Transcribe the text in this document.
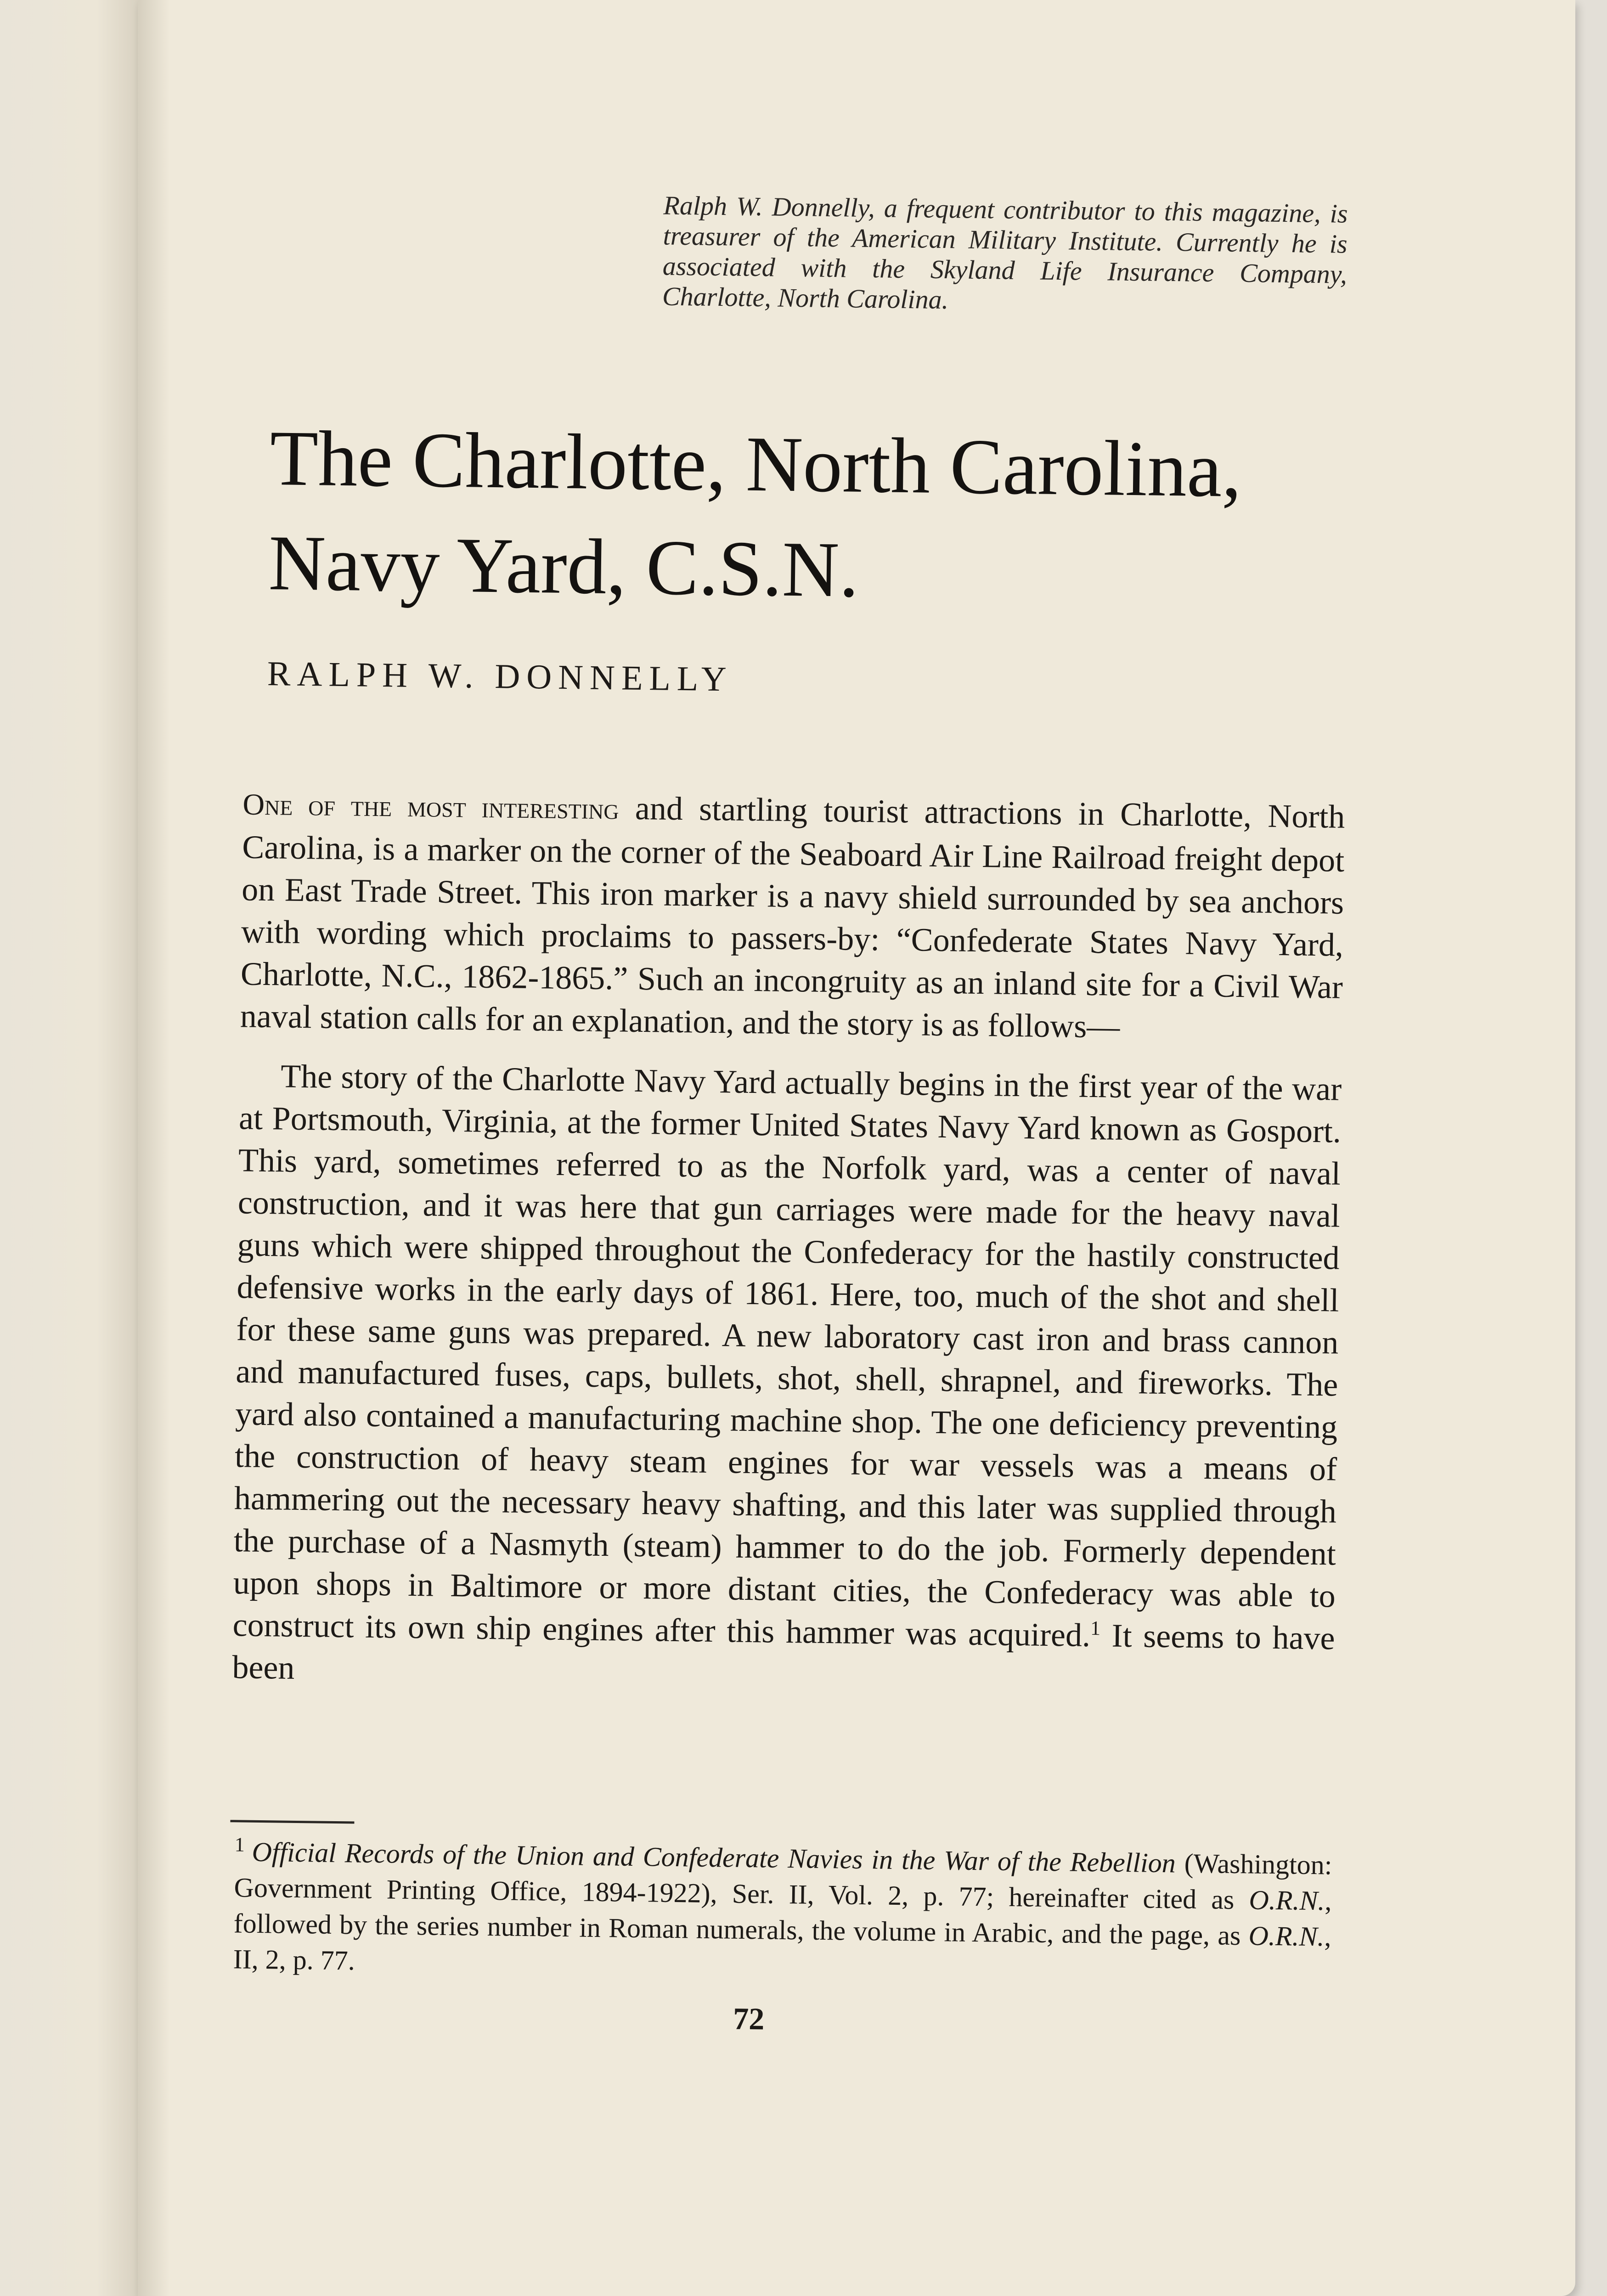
Ralph W. Donnelly, a frequent contributor to this magazine, is treasurer of the American Military Institute. Currently he is associated with the Skyland Life Insurance Company, Charlotte, North Carolina.

The Charlotte, North Carolina, Navy Yard, C.S.N.
RALPH W. DONNELLY

One of the most interesting and startling tourist attractions in Charlotte, North Carolina, is a marker on the corner of the Seaboard Air Line Railroad freight depot on East Trade Street. This iron marker is a navy shield surrounded by sea anchors with wording which proclaims to passers-by: “Confederate States Navy Yard, Charlotte, N.C., 1862-1865.” Such an incongruity as an inland site for a Civil War naval station calls for an explanation, and the story is as follows—

The story of the Charlotte Navy Yard actually begins in the first year of the war at Portsmouth, Virginia, at the former United States Navy Yard known as Gosport. This yard, sometimes referred to as the Norfolk yard, was a center of naval construction, and it was here that gun carriages were made for the heavy naval guns which were shipped throughout the Confederacy for the hastily constructed defensive works in the early days of 1861. Here, too, much of the shot and shell for these same guns was prepared. A new laboratory cast iron and brass cannon and manufactured fuses, caps, bullets, shot, shell, shrapnel, and fireworks. The yard also contained a manufacturing machine shop. The one deficiency preventing the construction of heavy steam engines for war vessels was a means of hammering out the necessary heavy shafting, and this later was supplied through the purchase of a Nasmyth (steam) hammer to do the job. Formerly dependent upon shops in Baltimore or more distant cities, the Confederacy was able to construct its own ship engines after this hammer was acquired.$^1$ It seems to have been

$^1$ Official Records of the Union and Confederate Navies in the War of the Rebellion (Washington: Government Printing Office, 1894-1922), Ser. II, Vol. 2, p. 77; hereinafter cited as O.R.N., followed by the series number in Roman numerals, the volume in Arabic, and the page, as O.R.N., II, 2, p. 77.
72
